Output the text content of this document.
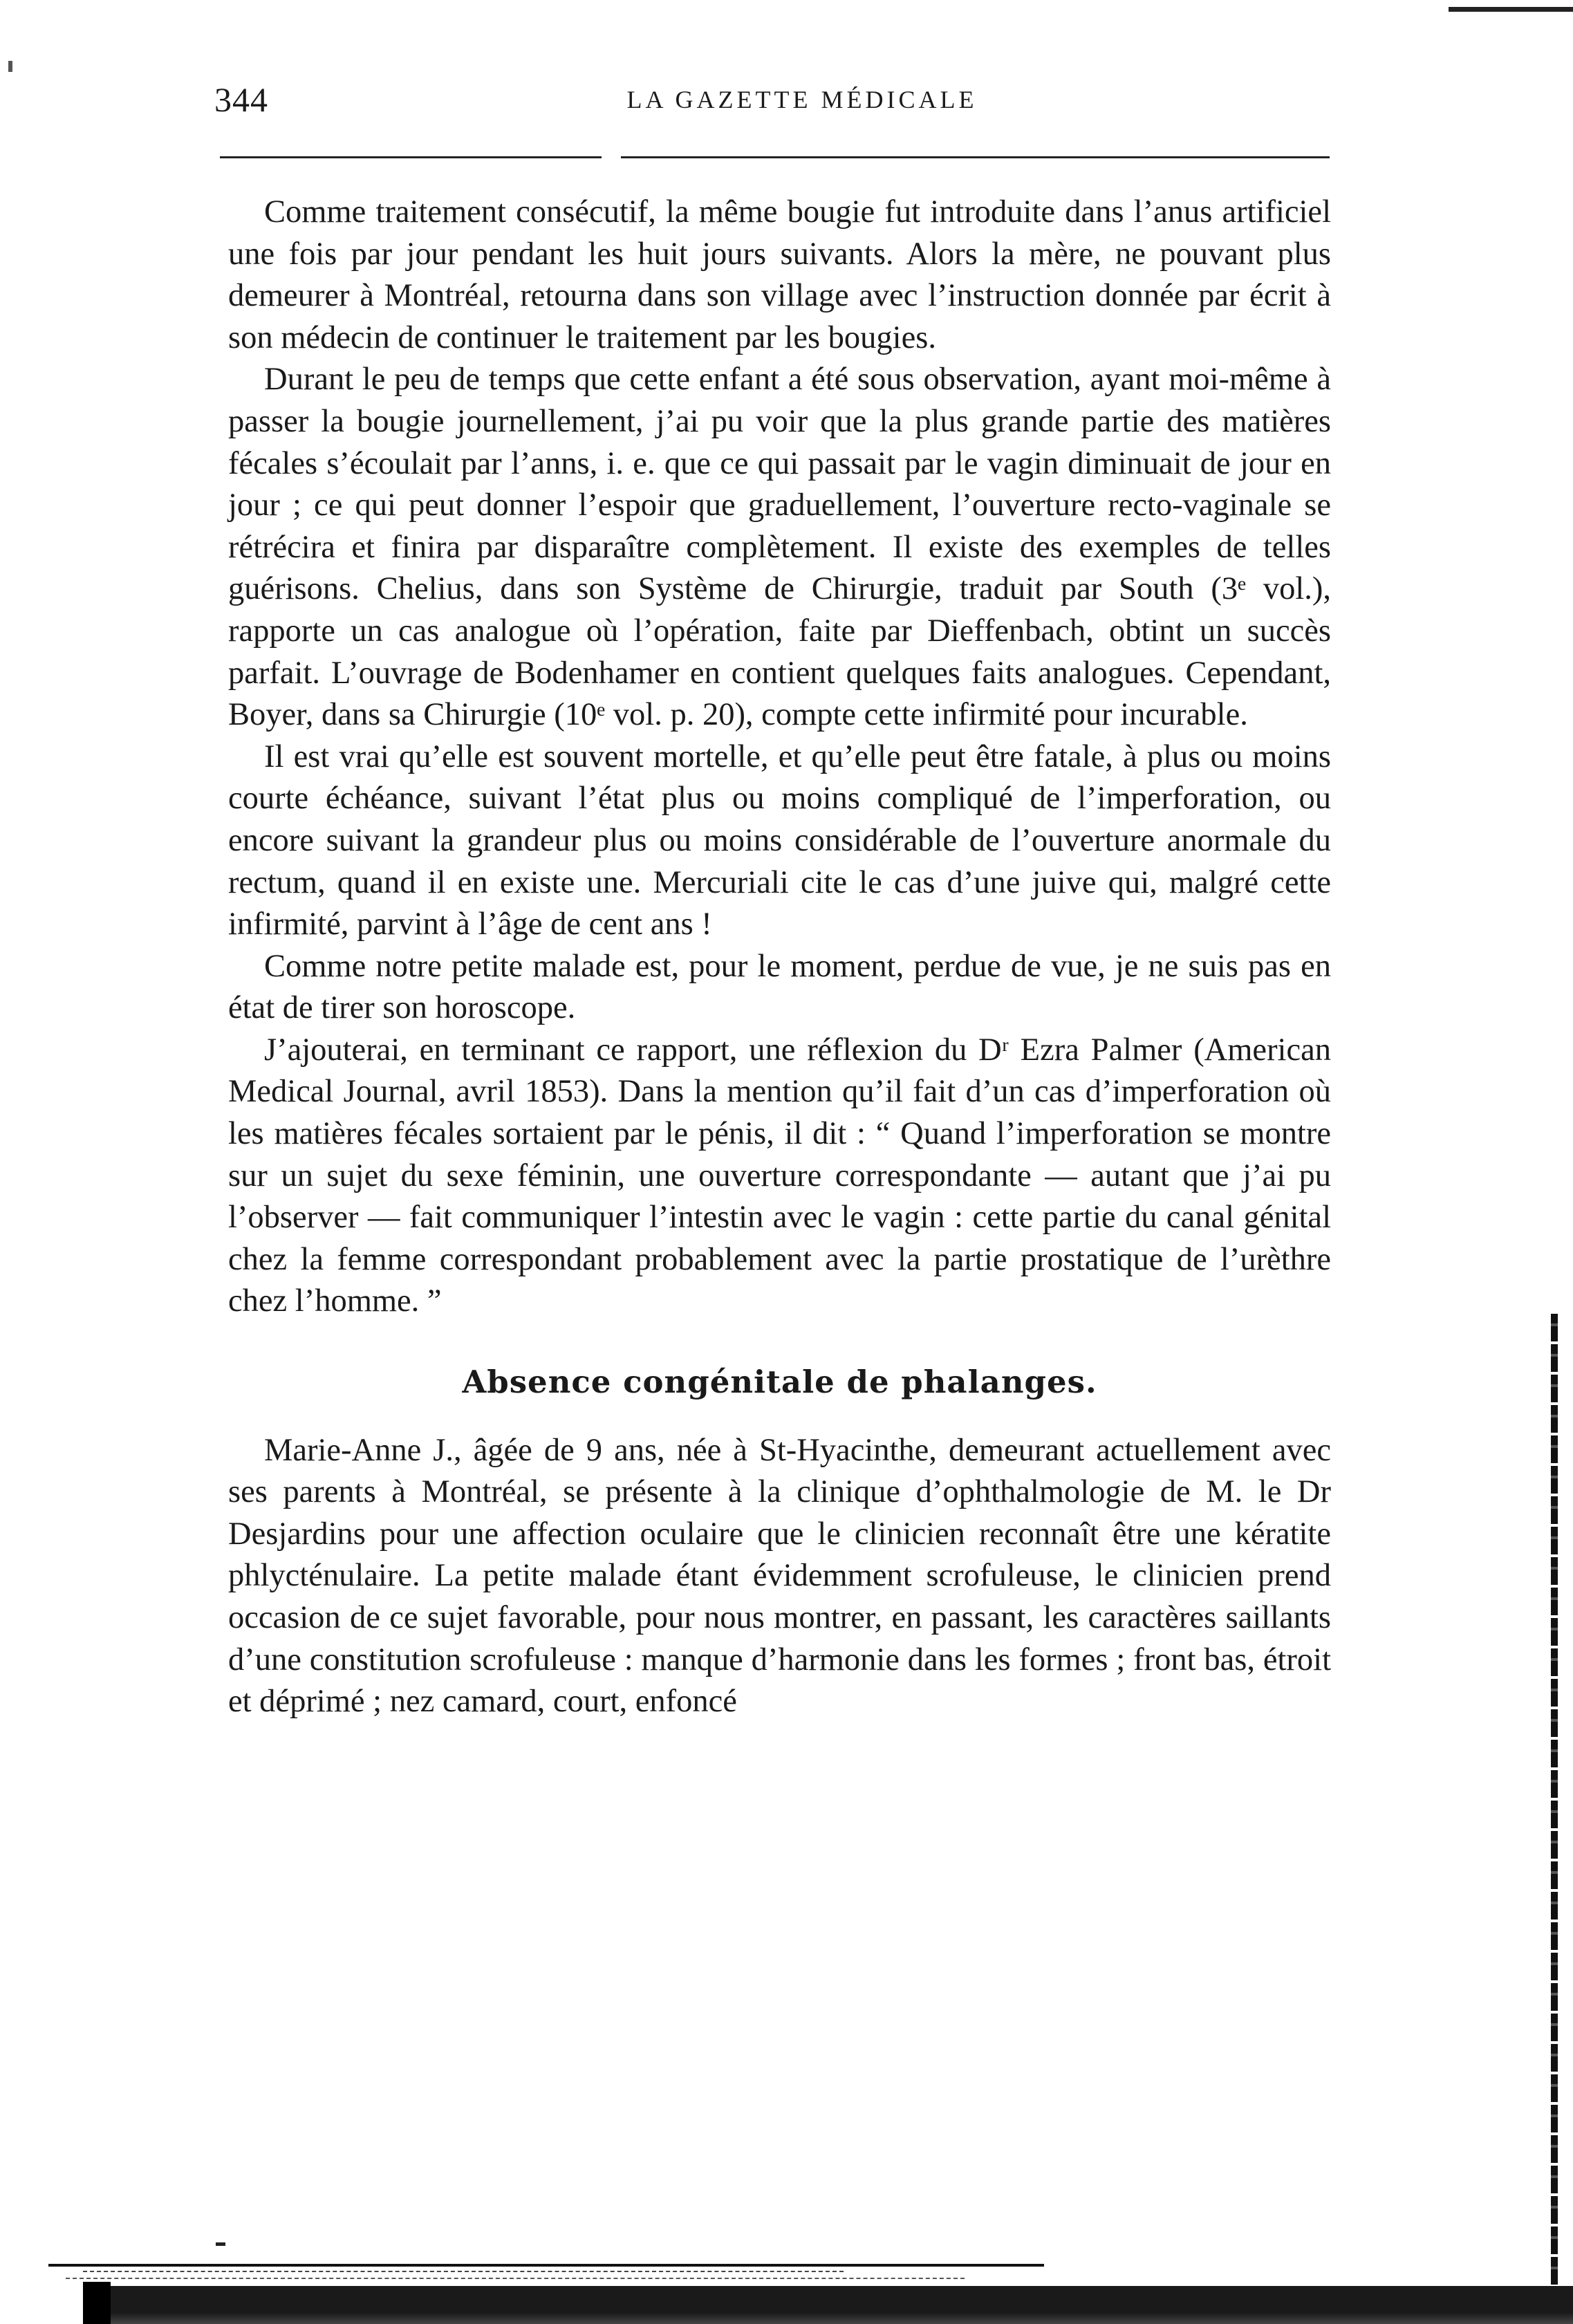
344	LA GAZETTE MÉDICALE

Comme traitement consécutif, la même bougie fut introduite dans l’anus artificiel une fois par jour pendant les huit jours suivants. Alors la mère, ne pouvant plus demeurer à Montréal, retourna dans son village avec l’instruction donnée par écrit à son médecin de continuer le traitement par les bougies.

Durant le peu de temps que cette enfant a été sous observation, ayant moi-même à passer la bougie journellement, j’ai pu voir que la plus grande partie des matières fécales s’écoulait par l’anns, i. e. que ce qui passait par le vagin diminuait de jour en jour ; ce qui peut donner l’espoir que graduellement, l’ouverture recto-vaginale se rétrécira et finira par disparaître complètement. Il existe des exemples de telles guérisons. Chelius, dans son Système de Chirurgie, traduit par South (3ᵉ vol.), rapporte un cas analogue où l’opération, faite par Dieffenbach, obtint un succès parfait. L’ouvrage de Bodenhamer en contient quelques faits analogues. Cependant, Boyer, dans sa Chirurgie (10ᵉ vol. p. 20), compte cette infirmité pour incurable.

Il est vrai qu’elle est souvent mortelle, et qu’elle peut être fatale, à plus ou moins courte échéance, suivant l’état plus ou moins compliqué de l’imperforation, ou encore suivant la grandeur plus ou moins considérable de l’ouverture anormale du rectum, quand il en existe une. Mercuriali cite le cas d’une juive qui, malgré cette infirmité, parvint à l’âge de cent ans !

Comme notre petite malade est, pour le moment, perdue de vue, je ne suis pas en état de tirer son horoscope.

J’ajouterai, en terminant ce rapport, une réflexion du Dʳ Ezra Palmer (American Medical Journal, avril 1853). Dans la mention qu’il fait d’un cas d’imperforation où les matières fécales sortaient par le pénis, il dit : “ Quand l’imperforation se montre sur un sujet du sexe féminin, une ouverture correspondante — autant que j’ai pu l’observer — fait communiquer l’intestin avec le vagin : cette partie du canal génital chez la femme correspondant probablement avec la partie prostatique de l’urèthre chez l’homme. ”

Absence congénitale de phalanges.

Marie-Anne J., âgée de 9 ans, née à St-Hyacinthe, demeurant actuellement avec ses parents à Montréal, se présente à la clinique d’ophthalmologie de M. le Dr Desjardins pour une affection oculaire que le clinicien reconnaît être une kératite phlycténulaire. La petite malade étant évidemment scrofuleuse, le clinicien prend occasion de ce sujet favorable, pour nous montrer, en passant, les caractères saillants d’une constitution scrofuleuse : manque d’harmonie dans les formes ; front bas, étroit et déprimé ; nez camard, court, enfoncé
